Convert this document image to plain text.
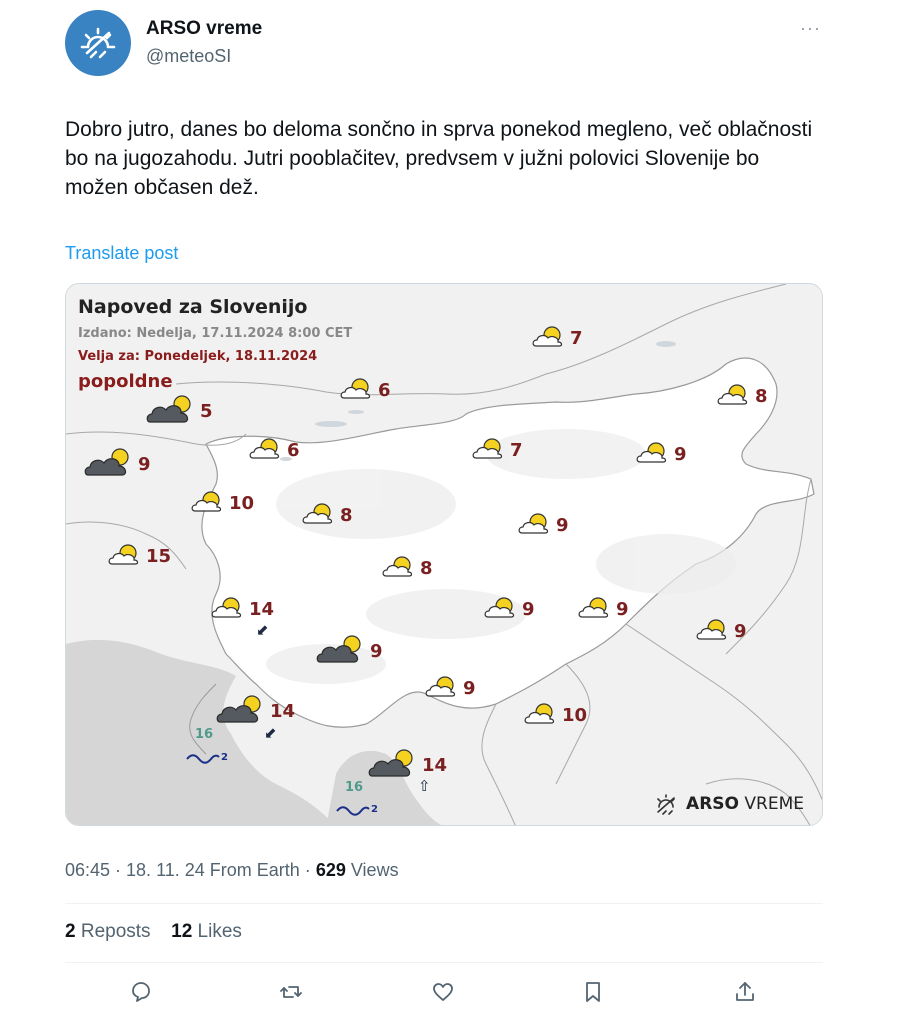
ARSO vreme
@meteoSI
···
Dobro jutro, danes bo deloma sončno in sprva ponekod megleno, več oblačnosti bo na jugozahodu. Jutri pooblačitev, predvsem v južni polovici Slovenije bo možen občasen dež.
Translate post
Napoved za Slovenijo
Izdano: Nedelja, 17.11.2024 8:00 CET
Velja za: Ponedeljek, 18.11.2024
popoldne
7
6
5
8
9
6	7	9
10
8	9
15
8
14	9	9
9
9
9
14	10
14
16
16
2
2
⬋
⬋
⇧
ARSO VREME
06:45 · 18. 11. 24 From Earth · 629 Views
2 Reposts 12 Likes
